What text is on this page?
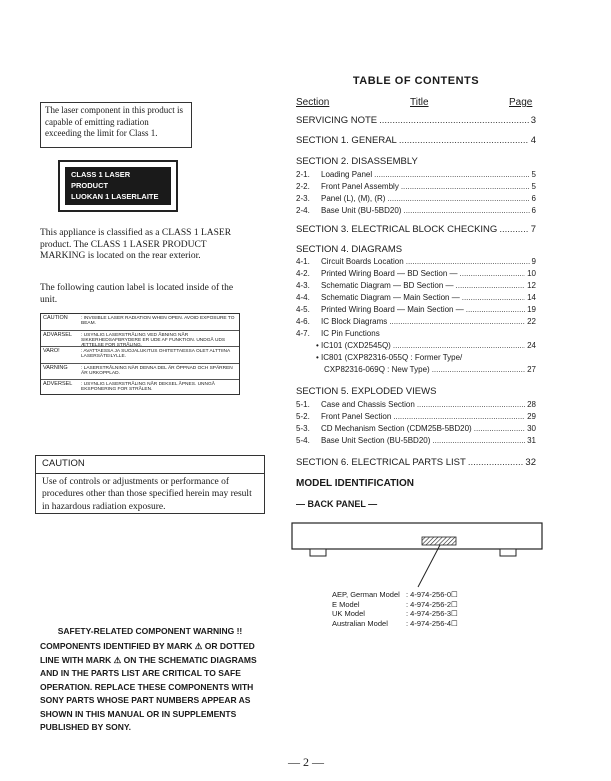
The laser component in this product is capable of emitting radiation exceeding the limit for Class 1.
CLASS 1 LASER PRODUCT
LUOKAN 1 LASERLAITE
KLASS 1 LASERAPPARAT
This appliance is classified as a CLASS 1 LASER product. The CLASS 1 LASER PRODUCT MARKING is located on the rear exterior.
The following caution label is located inside of the unit.
CAUTION	: INVISIBLE LASER RADIATION WHEN OPEN. AVOID EXPOSURE TO BEAM.
ADVARSEL	: USYNLIG LASERSTRÅLING VED ÅBNING NÅR SIKKERHEDSAFBRYDERE ER UDE AF FUNKTION. UNDGÅ UDS ÆTTELSE FOR STRÅLING.
VARO!	: AVATTAESSA JA SUOJALUKITUS OHITETTAESSA OLET ALTTIINA LASERSÄTEILYLLE.
VARNING	: LASERSTRÅLNING NÄR DENNA DEL ÄR ÖPPNAD OCH SPÄRREN ÄR URKOPPLAD.
ADVERSEL	: USYNLIG LASERSTRÅLING NÅR DEKSEL ÅPNES. UNNGÅ EKSPONERING FOR STRÅLEN.
CAUTION
Use of controls or adjustments or performance of procedures other than those specified herein may result in hazardous radiation exposure.
SAFETY-RELATED COMPONENT WARNING !!
COMPONENTS IDENTIFIED BY MARK ⚠ OR DOTTED LINE WITH MARK ⚠ ON THE SCHEMATIC DIAGRAMS AND IN THE PARTS LIST ARE CRITICAL TO SAFE OPERATION. REPLACE THESE COMPONENTS WITH SONY PARTS WHOSE PART NUMBERS APPEAR AS SHOWN IN THIS MANUAL OR IN SUPPLEMENTS PUBLISHED BY SONY.
TABLE OF CONTENTS
Section	Title	Page
SERVICING NOTE .....	3
SECTION 1. GENERAL .....	4
SECTION 2. DISASSEMBLY
2-1.	Loading Panel .....	5
2-2.	Front Panel Assembly .....	5
2-3.	Panel (L), (M), (R) .....	6
2-4.	Base Unit (BU-5BD20) .....	6
SECTION 3. ELECTRICAL BLOCK CHECKING .....	7
SECTION 4. DIAGRAMS
4-1.	Circuit Boards Location .....	9
4-2.	Printed Wiring Board — BD Section — .....	10
4-3.	Schematic Diagram — BD Section — .....	12
4-4.	Schematic Diagram — Main Section — .....	14
4-5.	Printed Wiring Board — Main Section — .....	19
4-6.	IC Block Diagrams .....	22
4-7. IC Pin Functions
• IC101 (CXD2545Q) .....	24
• IC801 (CXP82316-055Q : Former Type/
CXP82316-069Q : New Type) .....	27
SECTION 5. EXPLODED VIEWS
5-1.	Case and Chassis Section .....	28
5-2.	Front Panel Section .....	29
5-3.	CD Mechanism Section (CDM25B-5BD20) .....	30
5-4.	Base Unit Section (BU-5BD20) .....	31
SECTION 6. ELECTRICAL PARTS LIST .....	32
MODEL IDENTIFICATION
— BACK PANEL —
AEP, German Model : 4-974-256-0☐
E Model	: 4-974-256-2☐
UK Model	: 4-974-256-3☐
Australian Model	: 4-974-256-4☐
— 2 —
